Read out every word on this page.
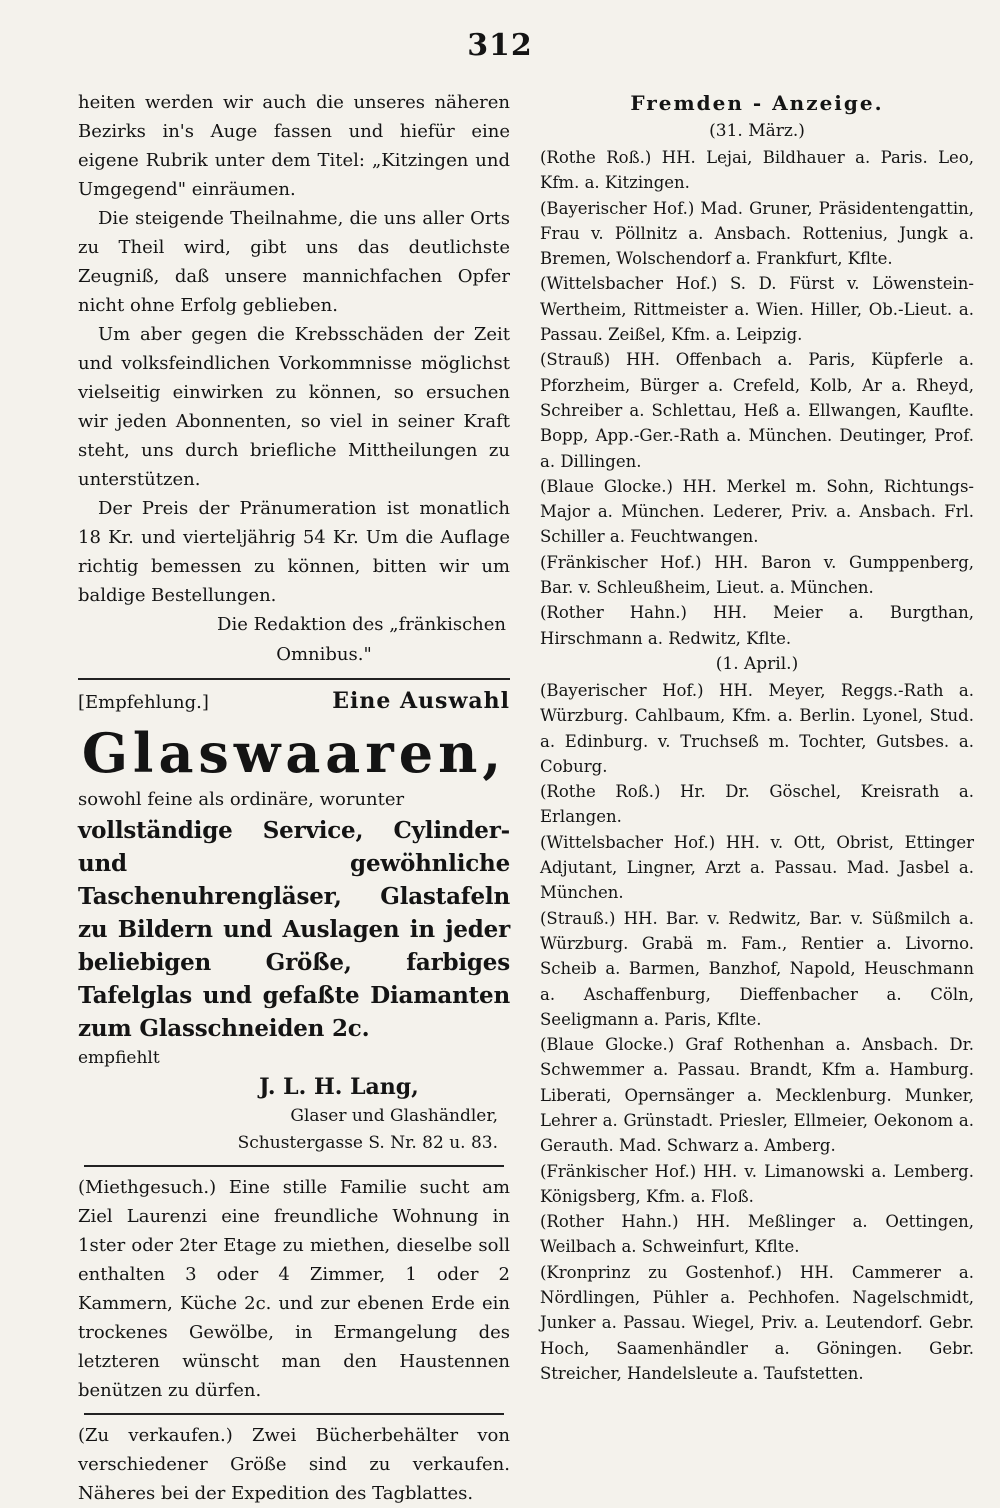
312

heiten werden wir auch die unseres näheren Bezirks in's Auge fassen und hiefür eine eigene Rubrik unter dem Titel: „Kitzingen und Umgegend" einräumen.

Die steigende Theilnahme, die uns aller Orts zu Theil wird, gibt uns das deutlichste Zeugniß, daß unsere mannichfachen Opfer nicht ohne Erfolg geblieben.

Um aber gegen die Krebsschäden der Zeit und volksfeindlichen Vorkommnisse möglichst vielseitig einwirken zu können, so ersuchen wir jeden Abonnenten, so viel in seiner Kraft steht, uns durch briefliche Mittheilungen zu unterstützen.

Der Preis der Pränumeration ist monatlich 18 Kr. und vierteljährig 54 Kr. Um die Auflage richtig bemessen zu können, bitten wir um baldige Bestellungen.

Die Redaktion des „fränkischen
Omnibus."
[Empfehlung.]	Eine Auswahl
Glaswaaren,
sowohl feine als ordinäre, worunter
vollständige Service, Cylinder- und gewöhnliche Taschenuhrengläser, Glastafeln zu Bildern und Auslagen in jeder beliebigen Größe, farbiges Tafelglas und gefaßte Diamanten zum Glasschneiden 2c.
empfiehlt
J. L. H. Lang,
Glaser und Glashändler,
Schustergasse S. Nr. 82 u. 83.

(Miethgesuch.) Eine stille Familie sucht am Ziel Laurenzi eine freundliche Wohnung in 1ster oder 2ter Etage zu miethen, dieselbe soll enthalten 3 oder 4 Zimmer, 1 oder 2 Kammern, Küche 2c. und zur ebenen Erde ein trockenes Gewölbe, in Ermangelung des letzteren wünscht man den Haustennen benützen zu dürfen.

(Zu verkaufen.) Zwei Bücherbehälter von verschiedener Größe sind zu verkaufen. Näheres bei der Expedition des Tagblattes.

Fremden - Anzeige.
(31. März.)

(Rothe Roß.) HH. Lejai, Bildhauer a. Paris. Leo, Kfm. a. Kitzingen.

(Bayerischer Hof.) Mad. Gruner, Präsidentengattin, Frau v. Pöllnitz a. Ansbach. Rottenius, Jungk a. Bremen, Wolschendorf a. Frankfurt, Kflte.

(Wittelsbacher Hof.) S. D. Fürst v. Löwenstein-Wertheim, Rittmeister a. Wien. Hiller, Ob.-Lieut. a. Passau. Zeißel, Kfm. a. Leipzig.

(Strauß) HH. Offenbach a. Paris, Küpferle a. Pforzheim, Bürger a. Crefeld, Kolb, Ar a. Rheyd, Schreiber a. Schlettau, Heß a. Ellwangen, Kauflte. Bopp, App.-Ger.-Rath a. München. Deutinger, Prof. a. Dillingen.

(Blaue Glocke.) HH. Merkel m. Sohn, Richtungs-Major a. München. Lederer, Priv. a. Ansbach. Frl. Schiller a. Feuchtwangen.

(Fränkischer Hof.) HH. Baron v. Gumppenberg, Bar. v. Schleußheim, Lieut. a. München.

(Rother Hahn.) HH. Meier a. Burgthan, Hirschmann a. Redwitz, Kflte.

(1. April.)

(Bayerischer Hof.) HH. Meyer, Reggs.-Rath a. Würzburg. Cahlbaum, Kfm. a. Berlin. Lyonel, Stud. a. Edinburg. v. Truchseß m. Tochter, Gutsbes. a. Coburg.

(Rothe Roß.) Hr. Dr. Göschel, Kreisrath a. Erlangen.

(Wittelsbacher Hof.) HH. v. Ott, Obrist, Ettinger Adjutant, Lingner, Arzt a. Passau. Mad. Jasbel a. München.

(Strauß.) HH. Bar. v. Redwitz, Bar. v. Süßmilch a. Würzburg. Grabä m. Fam., Rentier a. Livorno. Scheib a. Barmen, Banzhof, Napold, Heuschmann a. Aschaffenburg, Dieffenbacher a. Cöln, Seeligmann a. Paris, Kflte.

(Blaue Glocke.) Graf Rothenhan a. Ansbach. Dr. Schwemmer a. Passau. Brandt, Kfm a. Hamburg. Liberati, Opernsänger a. Mecklenburg. Munker, Lehrer a. Grünstadt. Priesler, Ellmeier, Oekonom a. Gerauth. Mad. Schwarz a. Amberg.

(Fränkischer Hof.) HH. v. Limanowski a. Lemberg. Königsberg, Kfm. a. Floß.

(Rother Hahn.) HH. Meßlinger a. Oettingen, Weilbach a. Schweinfurt, Kflte.

(Kronprinz zu Gostenhof.) HH. Cammerer a. Nördlingen, Pühler a. Pechhofen. Nagelschmidt, Junker a. Passau. Wiegel, Priv. a. Leutendorf. Gebr. Hoch, Saamenhändler a. Göningen. Gebr. Streicher, Handelsleute a. Taufstetten.
